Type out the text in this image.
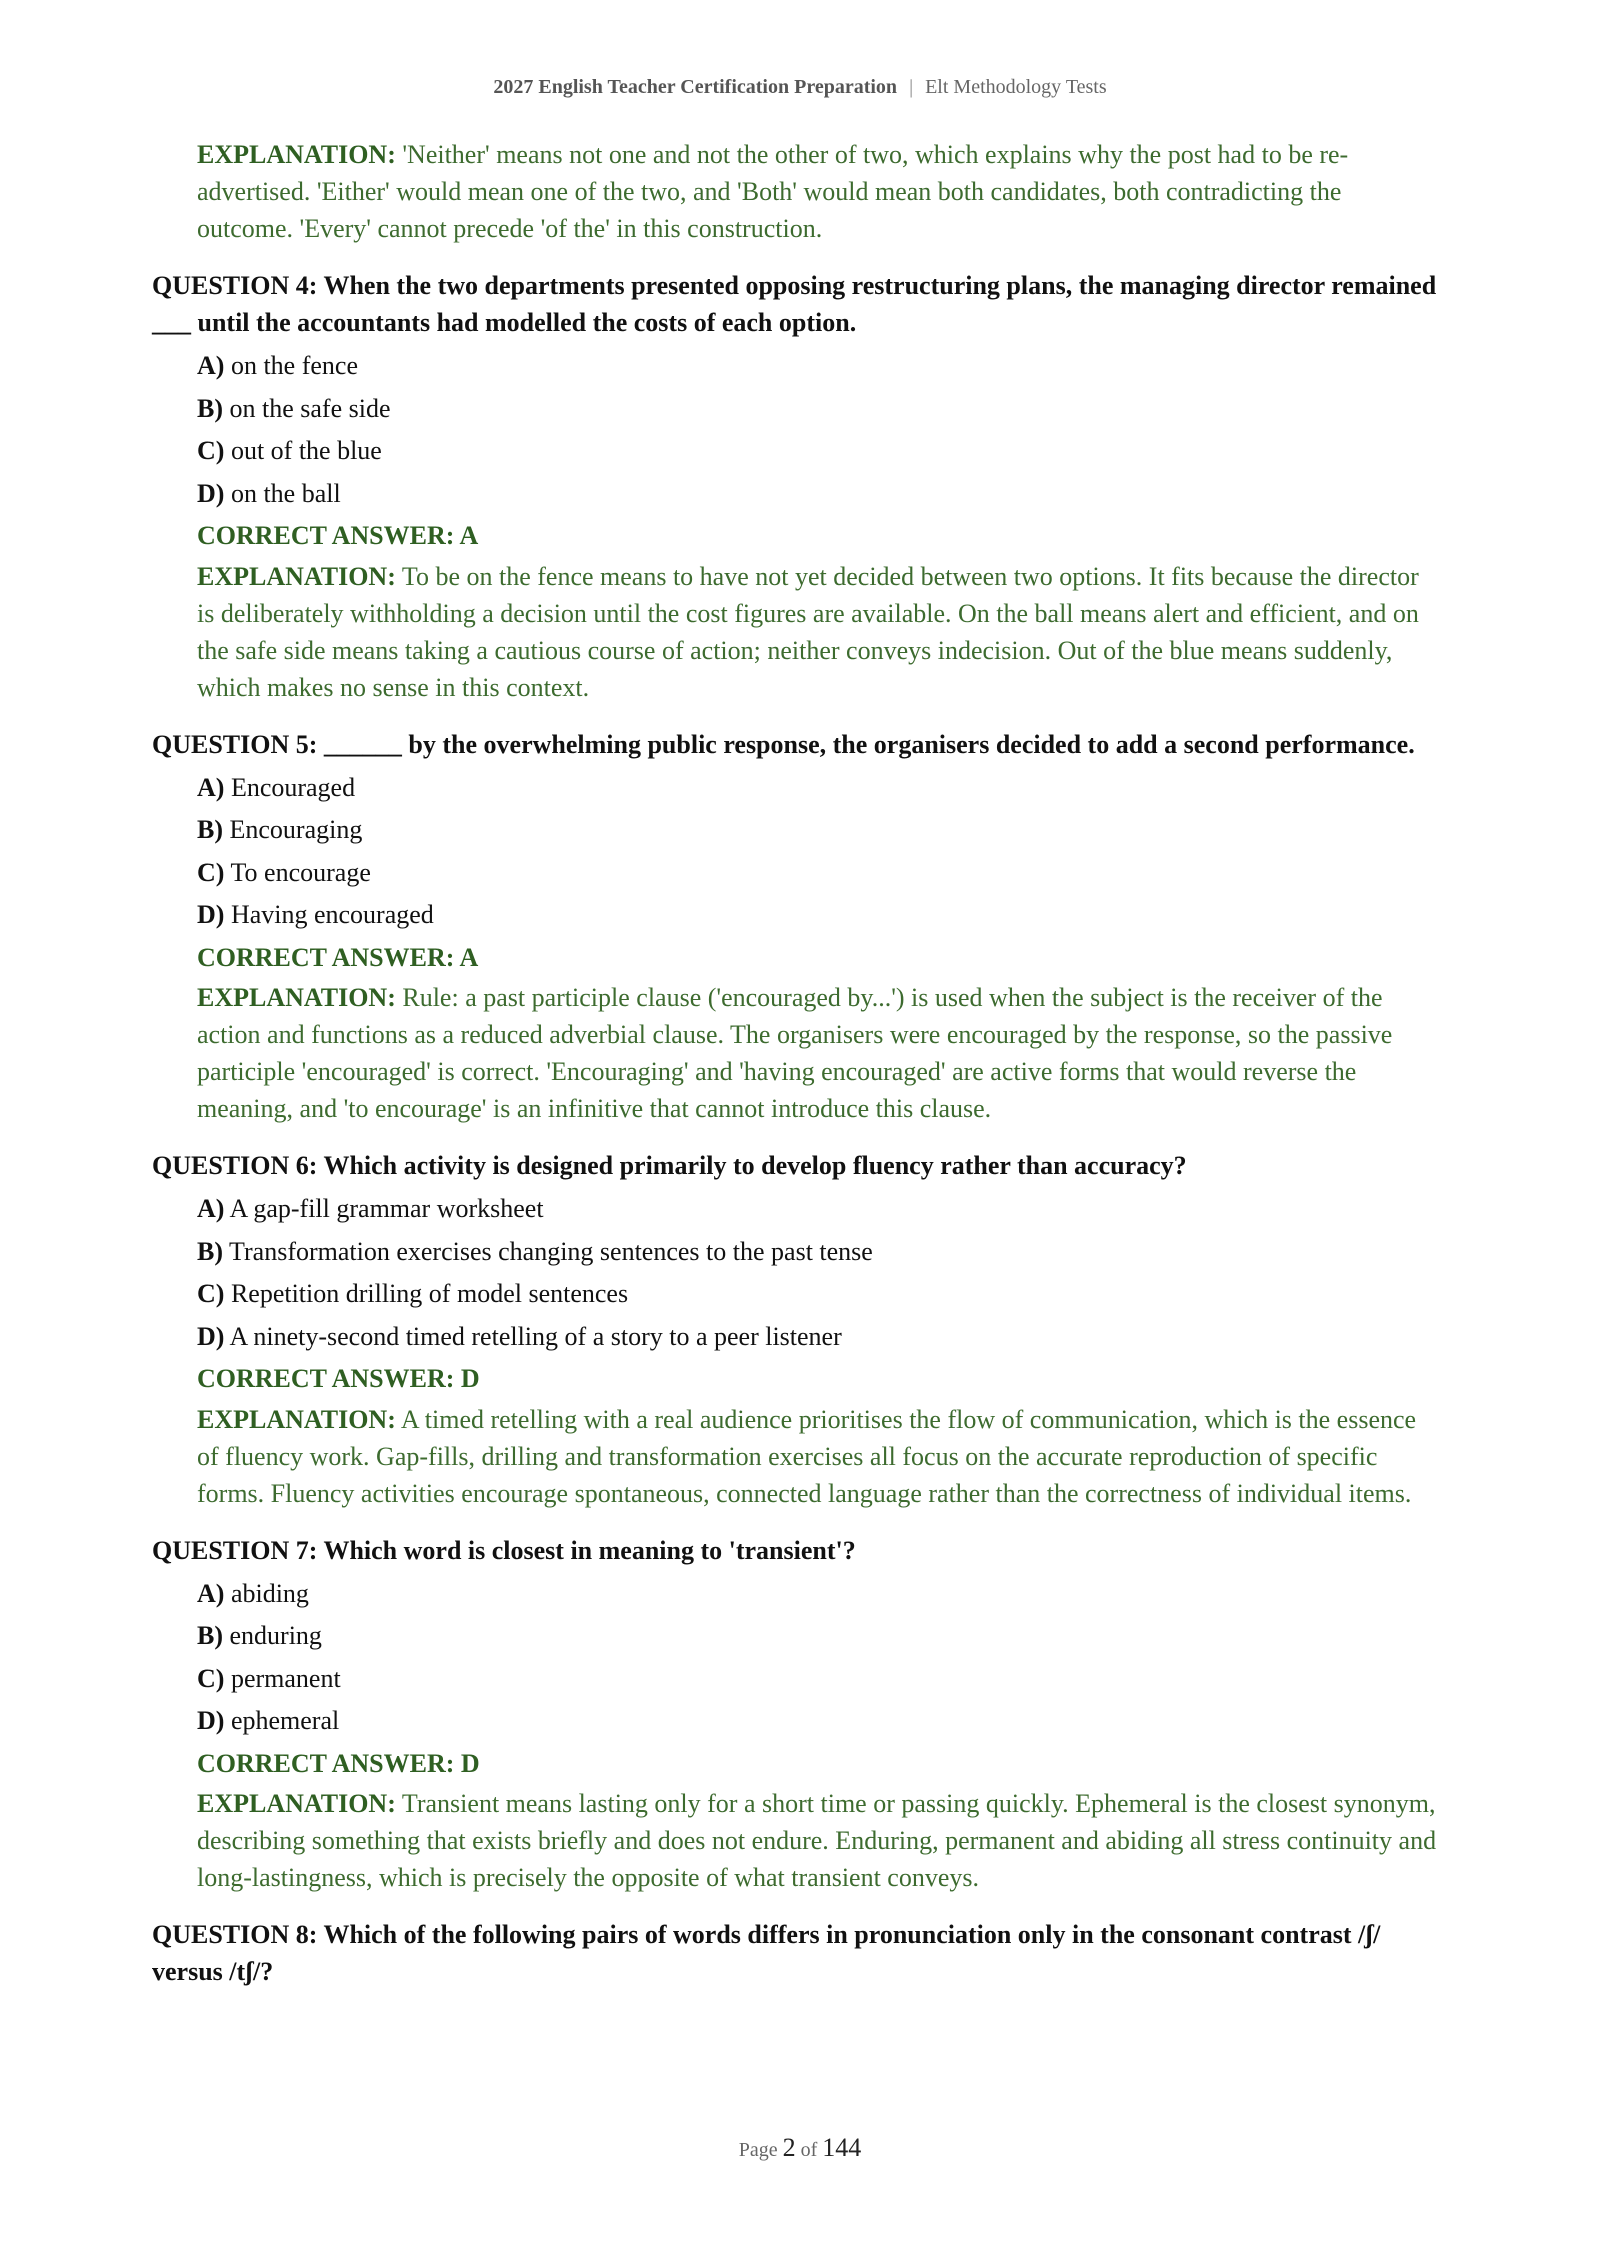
2027 English Teacher Certification Preparation | Elt Methodology Tests
EXPLANATION: 'Neither' means not one and not the other of two, which explains why the post had to be re-advertised. 'Either' would mean one of the two, and 'Both' would mean both candidates, both contradicting the outcome. 'Every' cannot precede 'of the' in this construction.
QUESTION 4: When the two departments presented opposing restructuring plans, the managing director remained ___ until the accountants had modelled the costs of each option.
A) on the fence
B) on the safe side
C) out of the blue
D) on the ball
CORRECT ANSWER: A
EXPLANATION: To be on the fence means to have not yet decided between two options. It fits because the director is deliberately withholding a decision until the cost figures are available. On the ball means alert and efficient, and on the safe side means taking a cautious course of action; neither conveys indecision. Out of the blue means suddenly, which makes no sense in this context.
QUESTION 5: ______ by the overwhelming public response, the organisers decided to add a second performance.
A) Encouraged
B) Encouraging
C) To encourage
D) Having encouraged
CORRECT ANSWER: A
EXPLANATION: Rule: a past participle clause ('encouraged by...') is used when the subject is the receiver of the action and functions as a reduced adverbial clause. The organisers were encouraged by the response, so the passive participle 'encouraged' is correct. 'Encouraging' and 'having encouraged' are active forms that would reverse the meaning, and 'to encourage' is an infinitive that cannot introduce this clause.
QUESTION 6: Which activity is designed primarily to develop fluency rather than accuracy?
A) A gap-fill grammar worksheet
B) Transformation exercises changing sentences to the past tense
C) Repetition drilling of model sentences
D) A ninety-second timed retelling of a story to a peer listener
CORRECT ANSWER: D
EXPLANATION: A timed retelling with a real audience prioritises the flow of communication, which is the essence of fluency work. Gap-fills, drilling and transformation exercises all focus on the accurate reproduction of specific forms. Fluency activities encourage spontaneous, connected language rather than the correctness of individual items.
QUESTION 7: Which word is closest in meaning to 'transient'?
A) abiding
B) enduring
C) permanent
D) ephemeral
CORRECT ANSWER: D
EXPLANATION: Transient means lasting only for a short time or passing quickly. Ephemeral is the closest synonym, describing something that exists briefly and does not endure. Enduring, permanent and abiding all stress continuity and long-lastingness, which is precisely the opposite of what transient conveys.
QUESTION 8: Which of the following pairs of words differs in pronunciation only in the consonant contrast /ʃ/ versus /tʃ/?
Page 2 of 144
